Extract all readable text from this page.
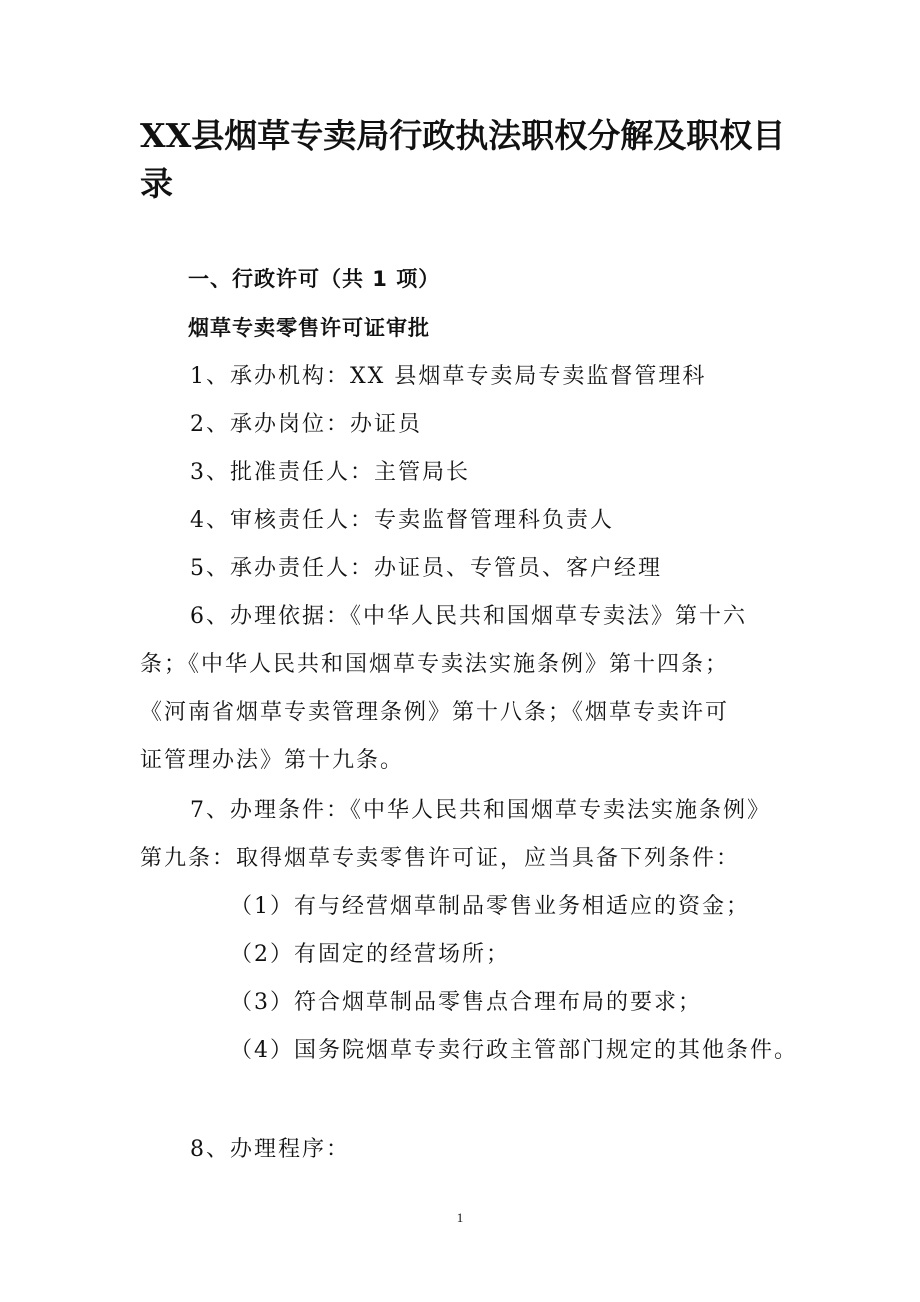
XX县烟草专卖局行政执法职权分解及职权目录
一、行政许可（共 1 项）
烟草专卖零售许可证审批
1、承办机构：XX 县烟草专卖局专卖监督管理科
2、承办岗位：办证员
3、批准责任人：主管局长
4、审核责任人：专卖监督管理科负责人
5、承办责任人：办证员、专管员、客户经理
6、办理依据：《中华人民共和国烟草专卖法》第十六
条；《中华人民共和国烟草专卖法实施条例》第十四条；
《河南省烟草专卖管理条例》第十八条；《烟草专卖许可
证管理办法》第十九条。
7、办理条件：《中华人民共和国烟草专卖法实施条例》
第九条：取得烟草专卖零售许可证，应当具备下列条件：
（1）有与经营烟草制品零售业务相适应的资金；
（2）有固定的经营场所；
（3）符合烟草制品零售点合理布局的要求；
（4）国务院烟草专卖行政主管部门规定的其他条件。
8、办理程序：
1
